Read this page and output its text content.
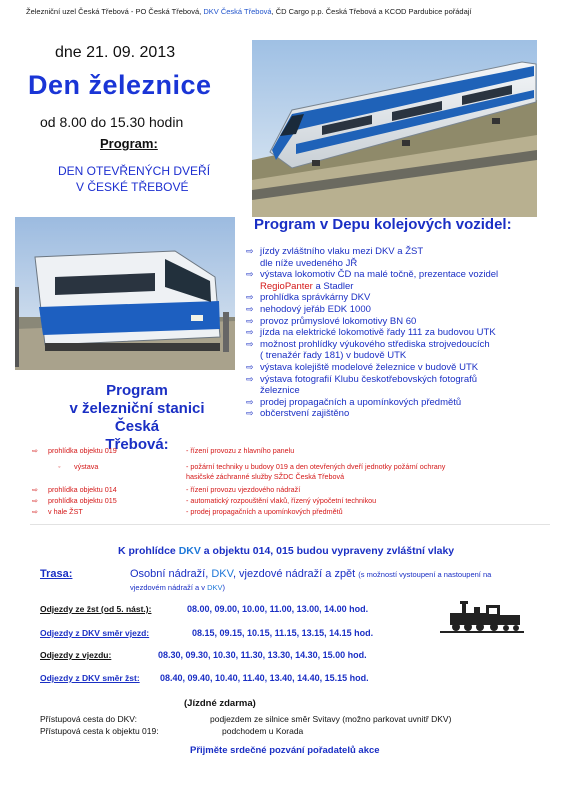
Železniční uzel Česká Třebová - PO Česká Třebová, DKV Česká Třebová, ČD Cargo p.p. Česká Třebová a KCOD Pardubice pořádají
dne 21. 09. 2013
Den železnice
od 8.00 do 15.30 hodin
Program:
DEN OTEVŘENÝCH DVEŘÍ
V ČESKÉ TŘEBOVÉ
Program v Depu kolejových vozidel:
⇨ jízdy zvláštního vlaku mezi DKV a ŽST
dle níže uvedeného JŘ
⇨ výstava lokomotiv ČD na malé točně, prezentace vozidel
RegioPanter a Stadler
⇨ prohlídka správkárny DKV
⇨ nehodový jeřáb EDK 1000
⇨ provoz průmyslové lokomotivy BN 60
⇨ jízda na elektrické lokomotivě řady 111 za budovou UTK
⇨ možnost prohlídky výukového střediska strojvedoucích
( trenažér řady 181) v budově UTK
⇨ výstava kolejiště modelové železnice v budově UTK
⇨ výstava fotografií Klubu českotřebovských fotografů
železnice
⇨ prodej propagačních a upomínkových předmětů
⇨ občerstvení zajištěno
Program
v železniční stanici
Česká Třebová:
⇨ prohlídka objektu 019	- řízení provozu z hlavního panelu
◦ výstava	- požární techniky u budovy 019 a den otevřených dveří jednotky požární ochrany
hasičské záchranné služby SŽDC Česká Třebová
⇨ prohlídka objektu 014	- řízení provozu vjezdového nádraží
⇨ prohlídka objektu 015	- automatický rozpouštění vlaků, řízený výpočetní technikou
⇨ v hale ŽST	- prodej propagačních a upomínkových předmětů
K prohlídce DKV a objektu 014, 015 budou vypraveny zvláštní vlaky
Trasa:	Osobní nádraží, DKV, vjezdové nádraží a zpět (s možností vystoupení a nastoupení na
vjezdovém nádraží a v DKV)
Odjezdy ze žst (od 5. nást.):	08.00, 09.00, 10.00, 11.00, 13.00, 14.00 hod.
Odjezdy z DKV směr vjezd:	08.15, 09.15, 10.15, 11.15, 13.15, 14.15 hod.
Odjezdy z vjezdu:	08.30, 09.30, 10.30, 11.30, 13.30, 14.30, 15.00 hod.
Odjezdy z DKV směr žst: 08.40, 09.40, 10.40, 11.40, 13.40, 14.40, 15.15 hod.
(Jízdné zdarma)
Přístupová cesta do DKV:	podjezdem ze silnice směr Svitavy (možno parkovat uvnitř DKV)
Přístupová cesta k objektu 019:	podchodem u Korada
Přijměte srdečné pozvání pořadatelů akce
